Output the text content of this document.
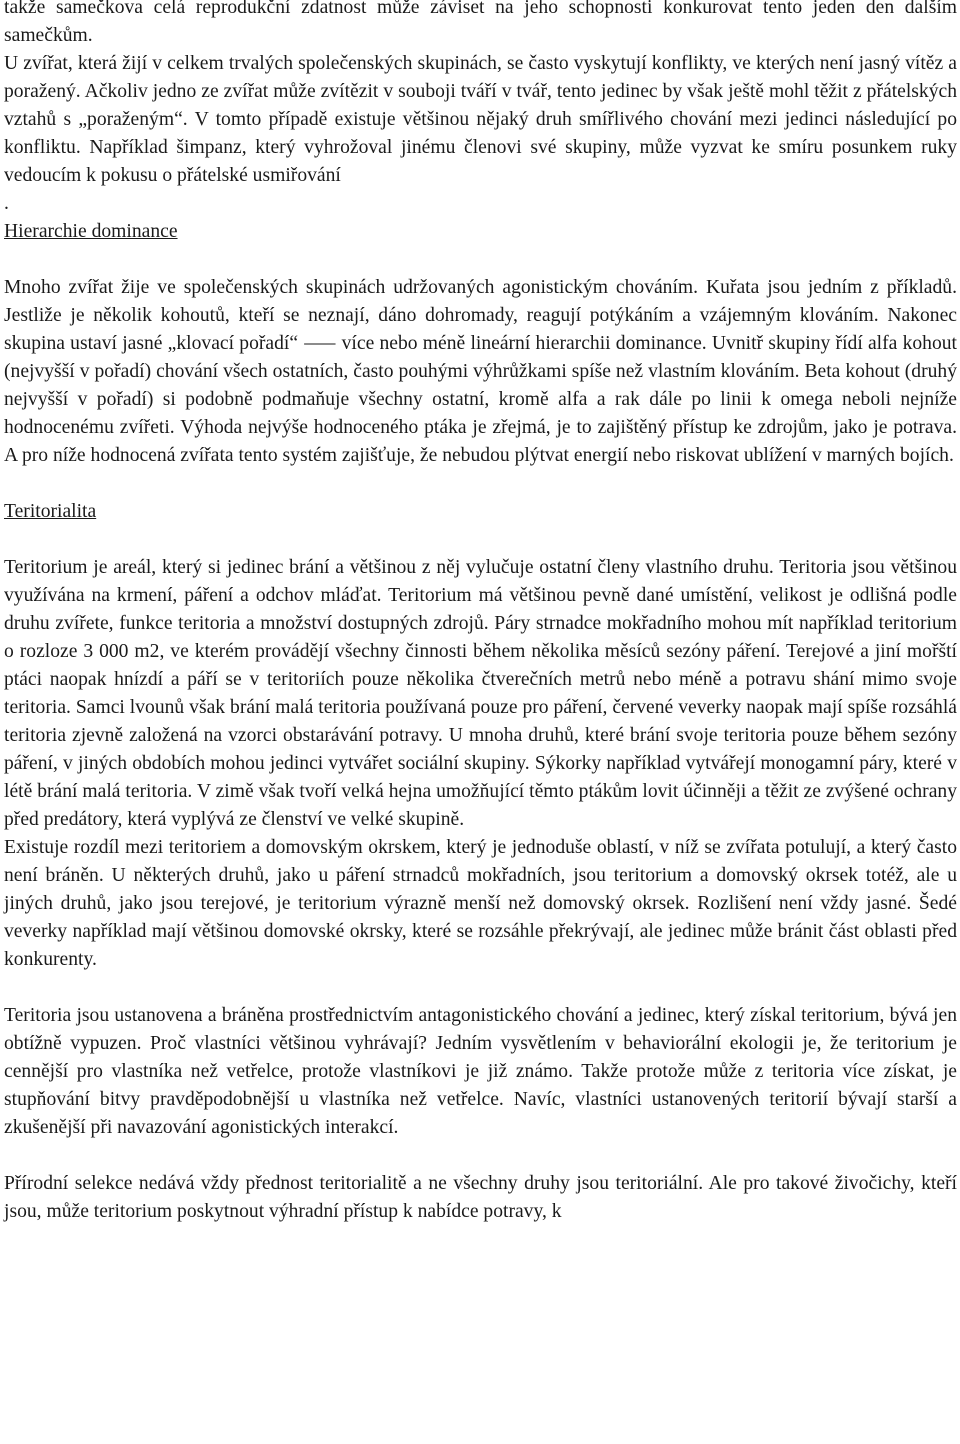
takže samečkova celá reprodukční zdatnost může záviset na jeho schopnosti konkurovat tento jeden den dalším samečkům.

U zvířat, která žijí v celkem trvalých společenských skupinách, se často vyskytují konflikty, ve kterých není jasný vítěz a poražený. Ačkoliv jedno ze zvířat může zvítězit v souboji tváří v tvář, tento jedinec by však ještě mohl těžit z přátelských vztahů s „poraženým“. V tomto případě existuje většinou nějaký druh smířlivého chování mezi jedinci následující po konfliktu. Například šimpanz, který vyhrožoval jinému členovi své skupiny, může vyzvat ke smíru posunkem ruky vedoucím k pokusu o přátelské usmiřování

.

Hierarchie dominance

Mnoho zvířat žije ve společenských skupinách udržovaných agonistickým chováním. Kuřata jsou jedním z příkladů. Jestliže je několik kohoutů, kteří se neznají, dáno dohromady, reagují potýkáním a vzájemným klováním. Nakonec skupina ustaví jasné „klovací pořadí“ ⸺ více nebo méně lineární hierarchii dominance. Uvnitř skupiny řídí alfa kohout (nejvyšší v pořadí) chování všech ostatních, často pouhými výhrůžkami spíše než vlastním klováním. Beta kohout (druhý nejvyšší v pořadí) si podobně podmaňuje všechny ostatní, kromě alfa a rak dále po linii k omega neboli nejníže hodnocenému zvířeti. Výhoda nejvýše hodnoceného ptáka je zřejmá, je to zajištěný přístup ke zdrojům, jako je potrava. A pro níže hodnocená zvířata tento systém zajišťuje, že nebudou plýtvat energií nebo riskovat ublížení v marných bojích.

Teritorialita

Teritorium je areál, který si jedinec brání a většinou z něj vylučuje ostatní členy vlastního druhu. Teritoria jsou většinou využívána na krmení, páření a odchov mláďat. Teritorium má většinou pevně dané umístění, velikost je odlišná podle druhu zvířete, funkce teritoria a množství dostupných zdrojů. Páry strnadce mokřadního mohou mít například teritorium o rozloze 3 000 m2, ve kterém provádějí všechny činnosti během několika měsíců sezóny páření. Terejové a jiní mořští ptáci naopak hnízdí a páří se v teritoriích pouze několika čtverečních metrů nebo méně a potravu shání mimo svoje teritoria. Samci lvounů však brání malá teritoria používaná pouze pro páření, červené veverky naopak mají spíše rozsáhlá teritoria zjevně založená na vzorci obstarávání potravy. U mnoha druhů, které brání svoje teritoria pouze během sezóny páření, v jiných obdobích mohou jedinci vytvářet sociální skupiny. Sýkorky například vytvářejí monogamní páry, které v létě brání malá teritoria. V zimě však tvoří velká hejna umožňující těmto ptákům lovit účinněji a těžit ze zvýšené ochrany před predátory, která vyplývá ze členství ve velké skupině.

Existuje rozdíl mezi teritoriem a domovským okrskem, který je jednoduše oblastí, v níž se zvířata potulují, a který často není bráněn. U některých druhů, jako u páření strnadců mokřadních, jsou teritorium a domovský okrsek totéž, ale u jiných druhů, jako jsou terejové, je teritorium výrazně menší než domovský okrsek. Rozlišení není vždy jasné. Šedé veverky například mají většinou domovské okrsky, které se rozsáhle překrývají, ale jedinec může bránit část oblasti před konkurenty.

Teritoria jsou ustanovena a bráněna prostřednictvím antagonistického chování a jedinec, který získal teritorium, bývá jen obtížně vypuzen. Proč vlastníci většinou vyhrávají? Jedním vysvětlením v behaviorální ekologii je, že teritorium je cennější pro vlastníka než vetřelce, protože vlastníkovi je již známo. Takže protože může z teritoria více získat, je stupňování bitvy pravděpodobnější u vlastníka než vetřelce. Navíc, vlastníci ustanovených teritorií bývají starší a zkušenější při navazování agonistických interakcí.

Přírodní selekce nedává vždy přednost teritorialitě a ne všechny druhy jsou teritoriální. Ale pro takové živočichy, kteří jsou, může teritorium poskytnout výhradní přístup k nabídce potravy, k
